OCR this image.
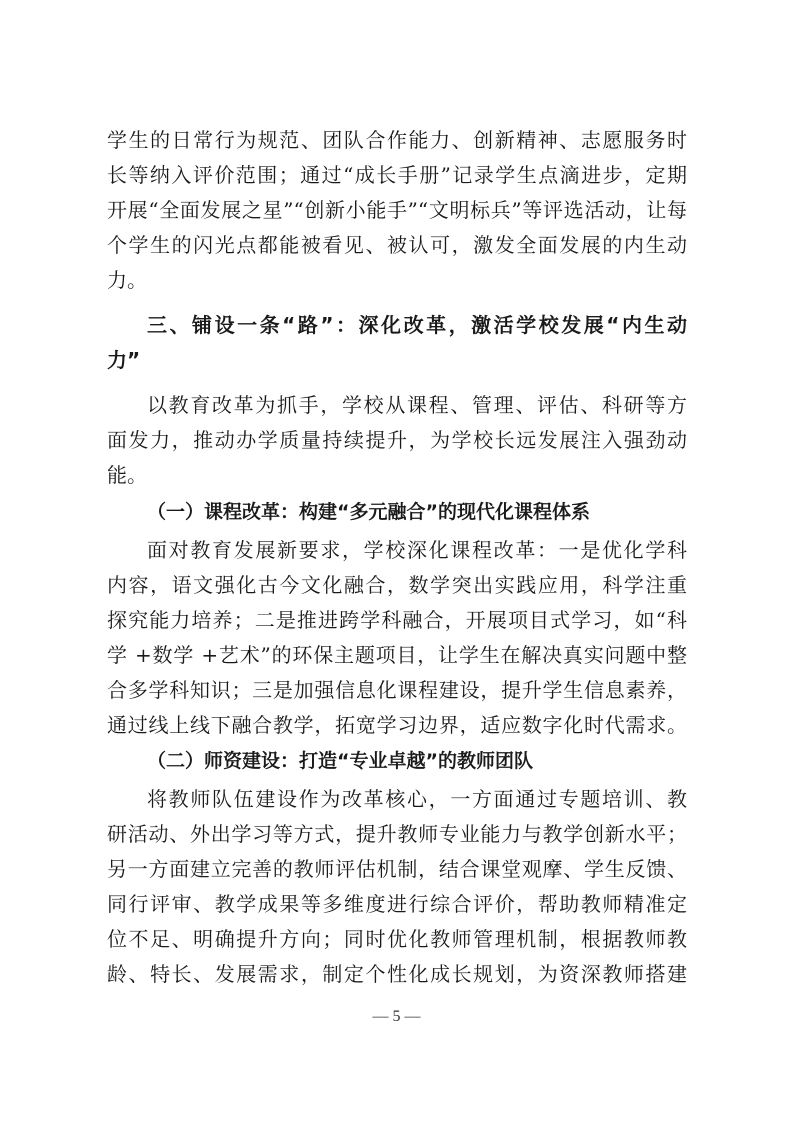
学生的日常行为规范、团队合作能力、创新精神、志愿服务时
长等纳入评价范围；通过“成长手册”记录学生点滴进步，定期
开展“全面发展之星”“创新小能手”“文明标兵”等评选活动，让每
个学生的闪光点都能被看见、被认可，激发全面发展的内生动
力。
三、铺设一条“路”：深化改革，激活学校发展“内生动
力”
以教育改革为抓手，学校从课程、管理、评估、科研等方
面发力，推动办学质量持续提升，为学校长远发展注入强劲动
能。
（一）课程改革：构建“多元融合”的现代化课程体系
面对教育发展新要求，学校深化课程改革：一是优化学科
内容，语文强化古今文化融合，数学突出实践应用，科学注重
探究能力培养；二是推进跨学科融合，开展项目式学习，如“科
学 +数学 +艺术”的环保主题项目，让学生在解决真实问题中整
合多学科知识；三是加强信息化课程建设，提升学生信息素养，
通过线上线下融合教学，拓宽学习边界，适应数字化时代需求。
（二）师资建设：打造“专业卓越”的教师团队
将教师队伍建设作为改革核心，一方面通过专题培训、教
研活动、外出学习等方式，提升教师专业能力与教学创新水平；
另一方面建立完善的教师评估机制，结合课堂观摩、学生反馈、
同行评审、教学成果等多维度进行综合评价，帮助教师精准定
位不足、明确提升方向；同时优化教师管理机制，根据教师教
龄、特长、发展需求，制定个性化成长规划，为资深教师搭建
— 5 —
